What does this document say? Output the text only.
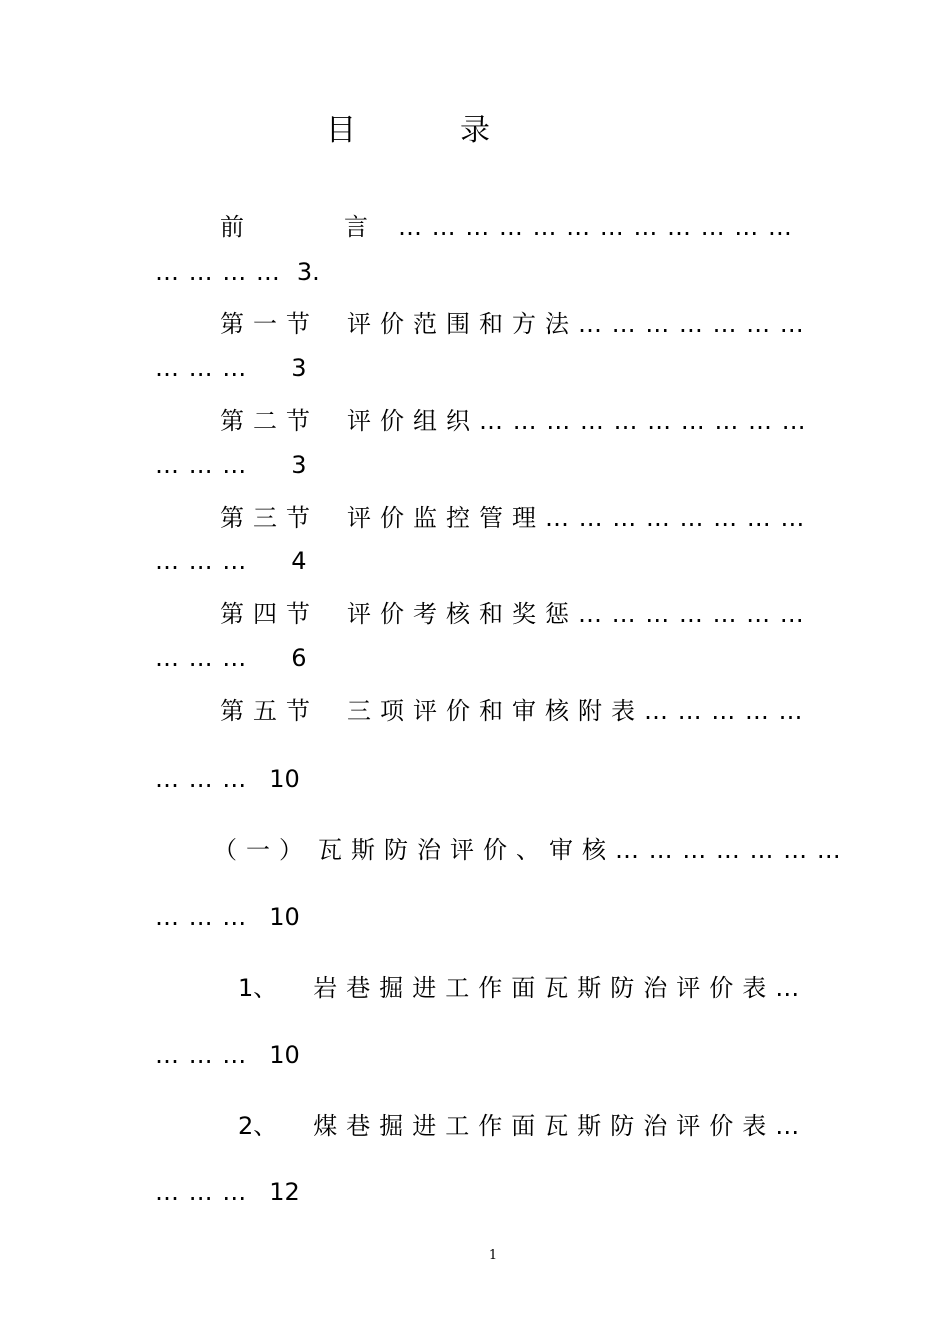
目	录
前	言 … … … … … … … … … … … …
… … … … 3.
第一节 评价范围和方法… … … … … … …
… … … 3
第二节 评价组织… … … … … … … … … …
… … … 3
第三节 评价监控管理… … … … … … … …
… … … 4
第四节 评价考核和奖惩… … … … … … …
… … … 6
第五节 三项评价和审核附表… … … … …
… … … 10
（一） 瓦斯防治评价、审核… … … … … … …
… … … 10
1、 岩巷掘进工作面瓦斯防治评价表…
… … … 10
2、 煤巷掘进工作面瓦斯防治评价表…
… … … 12
1
